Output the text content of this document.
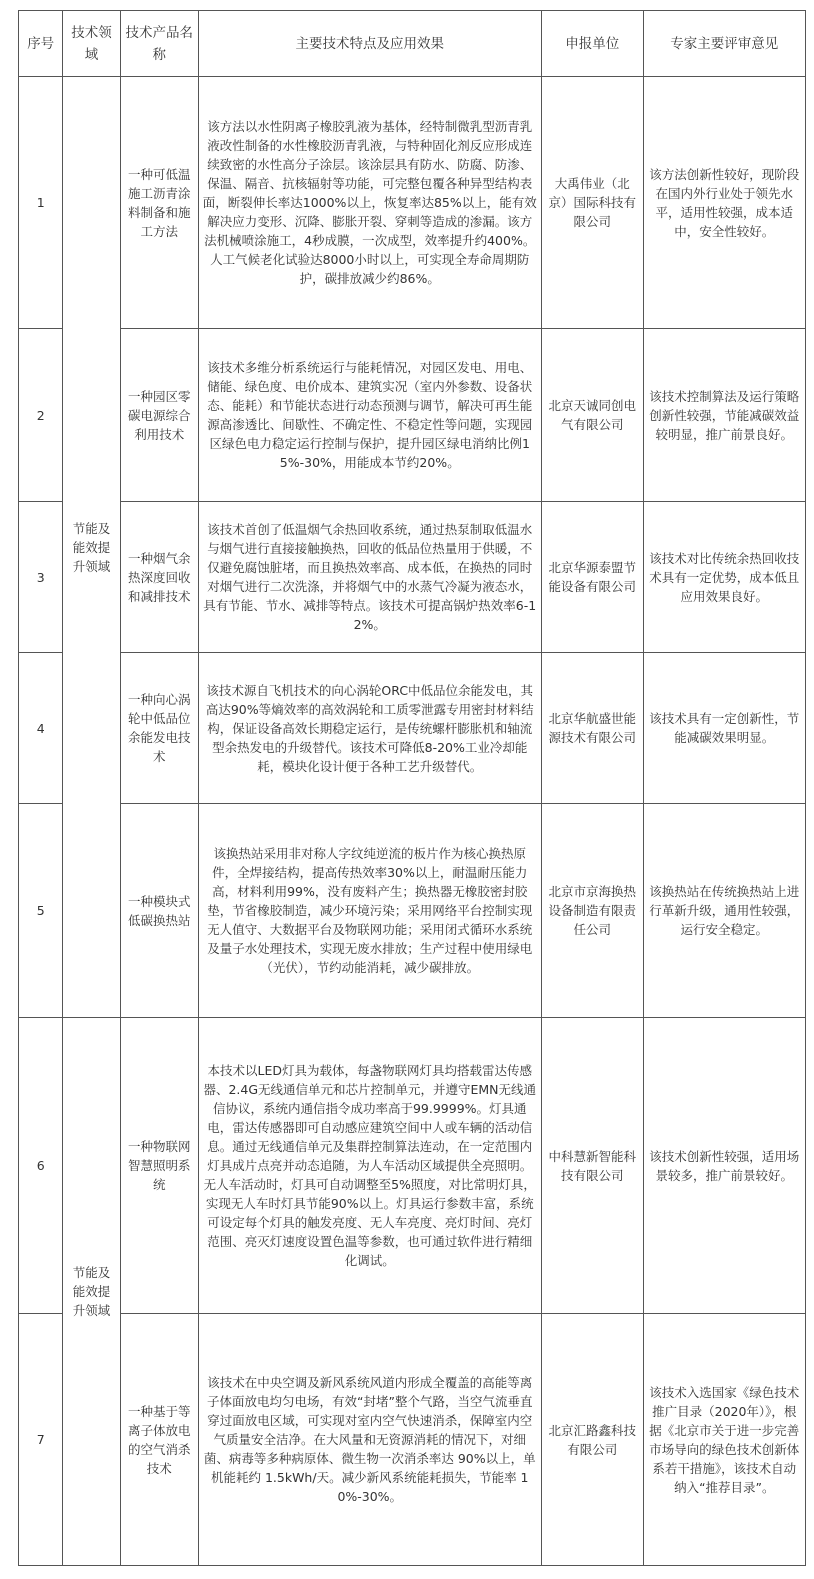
序号	技术领域	技术产品名称	主要技术特点及应用效果	申报单位	专家主要评审意见
1	节能及能效提升领域	一种可低温施工沥青涂料制备和施工方法	该方法以水性阴离子橡胶乳液为基体，经特制微乳型沥青乳液改性制备的水性橡胶沥青乳液，与特种固化剂反应形成连续致密的水性高分子涂层。该涂层具有防水、防腐、防渗、保温、隔音、抗核辐射等功能，可完整包覆各种异型结构表面，断裂伸长率达1000%以上，恢复率达85%以上，能有效解决应力变形、沉降、膨胀开裂、穿刺等造成的渗漏。该方法机械喷涂施工，4秒成膜，一次成型，效率提升约400%。人工气候老化试验达8000小时以上，可实现全寿命周期防护，碳排放减少约86%。	大禹伟业（北京）国际科技有限公司	该方法创新性较好，现阶段在国内外行业处于领先水平，适用性较强，成本适中，安全性较好。
2		一种园区零碳电源综合利用技术	该技术多维分析系统运行与能耗情况，对园区发电、用电、储能、绿色度、电价成本、建筑实况（室内外参数、设备状态、能耗）和节能状态进行动态预测与调节，解决可再生能源高渗透比、间歇性、不确定性、不稳定性等问题，实现园区绿色电力稳定运行控制与保护，提升园区绿电消纳比例15%-30%，用能成本节约20%。	北京天诚同创电气有限公司	该技术控制算法及运行策略创新性较强，节能减碳效益较明显，推广前景良好。
3		一种烟气余热深度回收和减排技术	该技术首创了低温烟气余热回收系统，通过热泵制取低温水与烟气进行直接接触换热，回收的低品位热量用于供暖，不仅避免腐蚀脏堵，而且换热效率高、成本低，在换热的同时对烟气进行二次洗涤，并将烟气中的水蒸气冷凝为液态水，具有节能、节水、减排等特点。该技术可提高锅炉热效率6-12%。	北京华源泰盟节能设备有限公司	该技术对比传统余热回收技术具有一定优势，成本低且应用效果良好。
4		一种向心涡轮中低品位余能发电技术	该技术源自飞机技术的向心涡轮ORC中低品位余能发电，其高达90%等熵效率的高效涡轮和工质零泄露专用密封材料结构，保证设备高效长期稳定运行，是传统螺杆膨胀机和轴流型余热发电的升级替代。该技术可降低8-20%工业冷却能耗，模块化设计便于各种工艺升级替代。	北京华航盛世能源技术有限公司	该技术具有一定创新性，节能减碳效果明显。
5		一种模块式低碳换热站	该换热站采用非对称人字纹纯逆流的板片作为核心换热原件，全焊接结构，提高传热效率30%以上，耐温耐压能力高，材料利用99%，没有废料产生；换热器无橡胶密封胶垫，节省橡胶制造，减少环境污染；采用网络平台控制实现无人值守、大数据平台及物联网功能；采用闭式循环水系统及量子水处理技术，实现无废水排放；生产过程中使用绿电（光伏），节约动能消耗，减少碳排放。	北京市京海换热设备制造有限责任公司	该换热站在传统换热站上进行革新升级，通用性较强，运行安全稳定。
6	节能及能效提升领域	一种物联网智慧照明系统	本技术以LED灯具为载体，每盏物联网灯具均搭载雷达传感器、2.4G无线通信单元和芯片控制单元，并遵守EMN无线通信协议，系统内通信指令成功率高于99.9999%。灯具通电，雷达传感器即可自动感应建筑空间中人或车辆的活动信息。通过无线通信单元及集群控制算法连动，在一定范围内灯具成片点亮并动态追随，为人车活动区域提供全亮照明。无人车活动时，灯具可自动调整至5%照度，对比常明灯具，实现无人车时灯具节能90%以上。灯具运行参数丰富，系统可设定每个灯具的触发亮度、无人车亮度、亮灯时间、亮灯范围、亮灭灯速度设置色温等参数，也可通过软件进行精细化调试。	中科慧新智能科技有限公司	该技术创新性较强，适用场景较多，推广前景较好。
7		一种基于等离子体放电的空气消杀技术	该技术在中央空调及新风系统风道内形成全覆盖的高能等离子体面放电均匀电场，有效“封堵”整个气路，当空气流垂直穿过面放电区域，可实现对室内空气快速消杀，保障室内空气质量安全洁净。在大风量和无资源消耗的情况下，对细菌、病毒等多种病原体、微生物一次消杀率达 90%以上，单机能耗约 1.5kWh/天。减少新风系统能耗损失，节能率 10%-30%。	北京汇路鑫科技有限公司	该技术入选国家《绿色技术推广目录（2020年）》，根据《北京市关于进一步完善市场导向的绿色技术创新体系若干措施》，该技术自动纳入“推荐目录”。
